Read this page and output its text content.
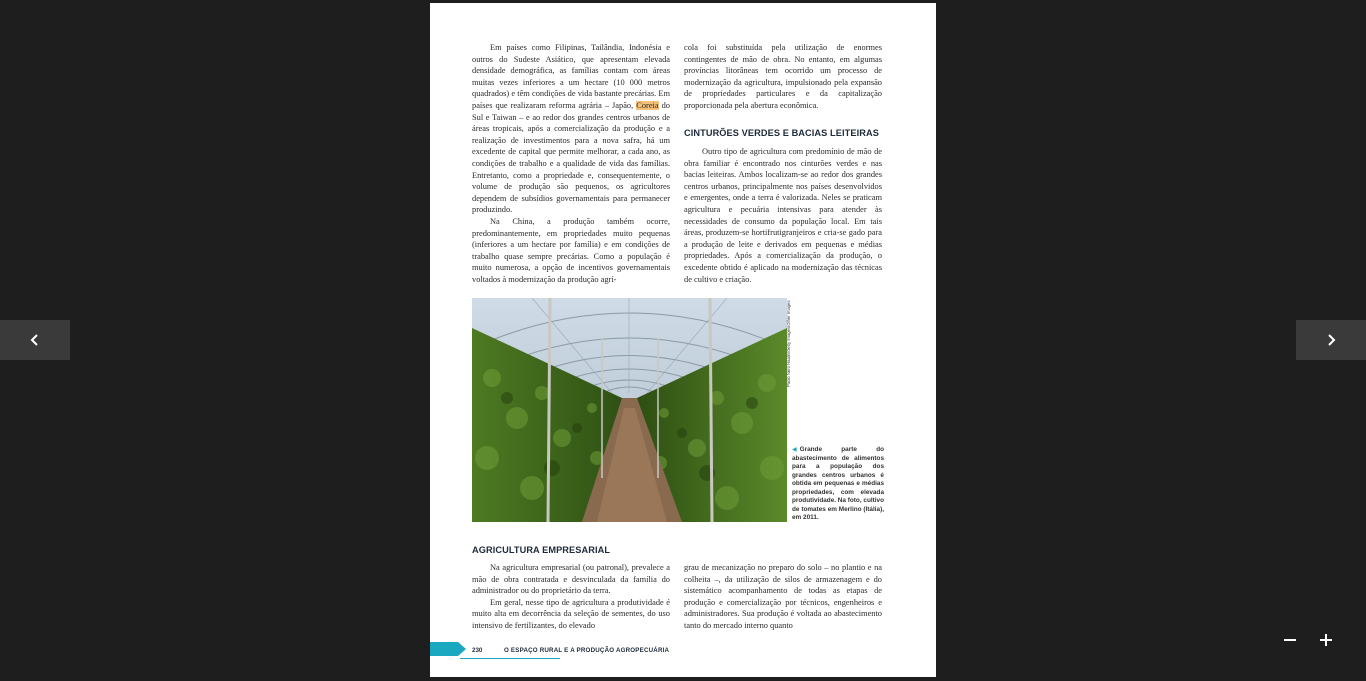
Em países como Filipinas, Tailândia, Indonésia e outros do Sudeste Asiático, que apresentam elevada densidade demográfica, as famílias contam com áreas muitas vezes inferiores a um hectare (10 000 metros quadrados) e têm condições de vida bastante precárias. Em países que realizaram reforma agrária – Japão, Coreia do Sul e Taiwan – e ao redor dos grandes centros urbanos de áreas tropicais, após a comercialização da produção e a realização de investimentos para a nova safra, há um excedente de capital que permite melhorar, a cada ano, as condições de trabalho e a qualidade de vida das famílias. Entretanto, como a propriedade e, consequentemente, o volume de produção são pequenos, os agricultores dependem de subsídios governamentais para permanecer produzindo.

Na China, a produção também ocorre, predominantemente, em propriedades muito pequenas (inferiores a um hectare por família) e em condições de trabalho quase sempre precárias. Como a população é muito numerosa, a opção de incentivos governamentais voltados à modernização da produção agrí-

cola foi substituída pela utilização de enormes contingentes de mão de obra. No entanto, em algumas províncias litorâneas tem ocorrido um processo de modernização da agricultura, impulsionado pela expansão de propriedades particulares e da capitalização proporcionada pela abertura econômica.

CINTURÕES VERDES E BACIAS LEITEIRAS

Outro tipo de agricultura com predomínio de mão de obra familiar é encontrado nos cinturões verdes e nas bacias leiteiras. Ambos localizam-se ao redor dos grandes centros urbanos, principalmente nos países desenvolvidos e emergentes, onde a terra é valorizada. Neles se praticam agricultura e pecuária intensivas para atender às necessidades de consumo da população local. Em tais áreas, produzem-se hortifrutigranjeiros e cria-se gado para a produção de leite e derivados em pequenas e médias propriedades. Após a comercialização da produção, o excedente obtido é aplicado na modernização das técnicas de cultivo e criação.

Paolo Nero Haalin/Getty Images/Other Images
◀ Grande parte do abastecimento de alimentos para a população dos grandes centros urbanos é obtida em pequenas e médias propriedades, com elevada produtividade. Na foto, cultivo de tomates em Merlino (Itália), em 2011.
AGRICULTURA EMPRESARIAL

Na agricultura empresarial (ou patronal), prevalece a mão de obra contratada e desvinculada da família do administrador ou do proprietário da terra.

Em geral, nesse tipo de agricultura a produtividade é muito alta em decorrência da seleção de sementes, do uso intensivo de fertilizantes, do elevado

grau de mecanização no preparo do solo – no plantio e na colheita –, da utilização de silos de armazenagem e do sistemático acompanhamento de todas as etapas de produção e comercialização por técnicos, engenheiros e administradores. Sua produção é voltada ao abastecimento tanto do mercado interno quanto

230	O ESPAÇO RURAL E A PRODUÇÃO AGROPECUÁRIA
